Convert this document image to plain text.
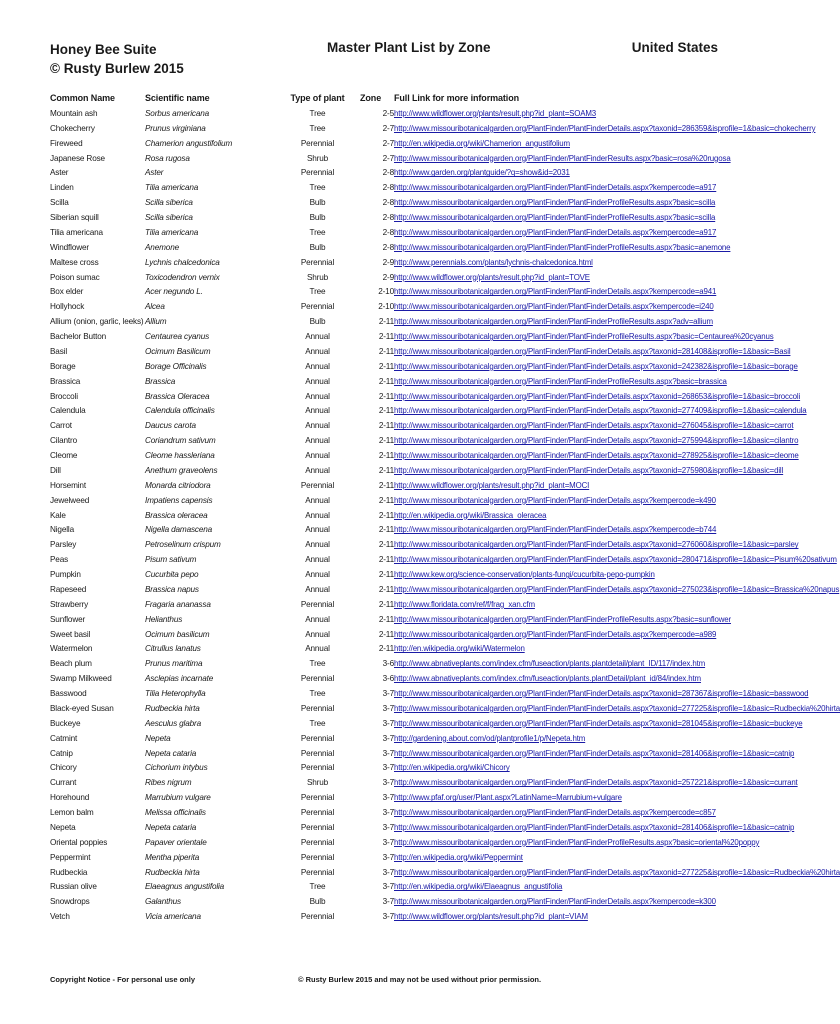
Honey Bee Suite
© Rusty Burlew 2015
Master Plant List by Zone	United States
Common Name	Scientific name	Type of plant	Zone	Full Link for more information
Mountain ash	Sorbus americana	Tree	2-5	http://www.wildflower.org/plants/result.php?id_plant=SOAM3
Chokecherry	Prunus virginiana	Tree	2-7	http://www.missouribotanicalgarden.org/PlantFinder/PlantFinderDetails.aspx?taxonid=286359&isprofile=1&basic=chokecherry
Fireweed	Chamerion angustifolium	Perennial	2-7	http://en.wikipedia.org/wiki/Chamerion_angustifolium
Japanese Rose	Rosa rugosa	Shrub	2-7	http://www.missouribotanicalgarden.org/PlantFinder/PlantFinderResults.aspx?basic=rosa%20rugosa
Aster	Aster	Perennial	2-8	http://www.garden.org/plantguide/?q=show&id=2031
Linden	Tilia americana	Tree	2-8	http://www.missouribotanicalgarden.org/PlantFinder/PlantFinderDetails.aspx?kempercode=a917
Scilla	Scilla siberica	Bulb	2-8	http://www.missouribotanicalgarden.org/PlantFinder/PlantFinderProfileResults.aspx?basic=scilla
Siberian squill	Scilla siberica	Bulb	2-8	http://www.missouribotanicalgarden.org/PlantFinder/PlantFinderProfileResults.aspx?basic=scilla
Tilia americana	Tilia americana	Tree	2-8	http://www.missouribotanicalgarden.org/PlantFinder/PlantFinderDetails.aspx?kempercode=a917
Windflower	Anemone	Bulb	2-8	http://www.missouribotanicalgarden.org/PlantFinder/PlantFinderProfileResults.aspx?basic=anemone
Maltese cross	Lychnis chalcedonica	Perennial	2-9	http://www.perennials.com/plants/lychnis-chalcedonica.html
Poison sumac	Toxicodendron vernix	Shrub	2-9	http://www.wildflower.org/plants/result.php?id_plant=TOVE
Box elder	Acer negundo L.	Tree	2-10	http://www.missouribotanicalgarden.org/PlantFinder/PlantFinderDetails.aspx?kempercode=a941
Hollyhock	Alcea	Perennial	2-10	http://www.missouribotanicalgarden.org/PlantFinder/PlantFinderDetails.aspx?kempercode=i240
Allium (onion, garlic, leeks)	Allium	Bulb	2-11	http://www.missouribotanicalgarden.org/PlantFinder/PlantFinderProfileResults.aspx?adv=allium
Bachelor Button	Centaurea cyanus	Annual	2-11	http://www.missouribotanicalgarden.org/PlantFinder/PlantFinderProfileResults.aspx?basic=Centaurea%20cyanus
Basil	Ocimum Basilicum	Annual	2-11	http://www.missouribotanicalgarden.org/PlantFinder/PlantFinderDetails.aspx?taxonid=281408&isprofile=1&basic=Basil
Borage	Borage Officinalis	Annual	2-11	http://www.missouribotanicalgarden.org/PlantFinder/PlantFinderDetails.aspx?taxonid=242382&isprofile=1&basic=borage
Brassica	Brassica	Annual	2-11	http://www.missouribotanicalgarden.org/PlantFinder/PlantFinderProfileResults.aspx?basic=brassica
Broccoli	Brassica Oleracea	Annual	2-11	http://www.missouribotanicalgarden.org/PlantFinder/PlantFinderDetails.aspx?taxonid=268653&isprofile=1&basic=broccoli
Calendula	Calendula officinalis	Annual	2-11	http://www.missouribotanicalgarden.org/PlantFinder/PlantFinderDetails.aspx?taxonid=277409&isprofile=1&basic=calendula
Carrot	Daucus carota	Annual	2-11	http://www.missouribotanicalgarden.org/PlantFinder/PlantFinderDetails.aspx?taxonid=276045&isprofile=1&basic=carrot
Cilantro	Coriandrum sativum	Annual	2-11	http://www.missouribotanicalgarden.org/PlantFinder/PlantFinderDetails.aspx?taxonid=275994&isprofile=1&basic=cilantro
Cleome	Cleome hassleriana	Annual	2-11	http://www.missouribotanicalgarden.org/PlantFinder/PlantFinderDetails.aspx?taxonid=278925&isprofile=1&basic=cleome
Dill	Anethum graveolens	Annual	2-11	http://www.missouribotanicalgarden.org/PlantFinder/PlantFinderDetails.aspx?taxonid=275980&isprofile=1&basic=dill
Horsemint	Monarda citriodora	Perennial	2-11	http://www.wildflower.org/plants/result.php?id_plant=MOCI
Jewelweed	Impatiens capensis	Annual	2-11	http://www.missouribotanicalgarden.org/PlantFinder/PlantFinderDetails.aspx?kempercode=k490
Kale	Brassica oleracea	Annual	2-11	http://en.wikipedia.org/wiki/Brassica_oleracea
Nigella	Nigella damascena	Annual	2-11	http://www.missouribotanicalgarden.org/PlantFinder/PlantFinderDetails.aspx?kempercode=b744
Parsley	Petroselinum crispum	Annual	2-11	http://www.missouribotanicalgarden.org/PlantFinder/PlantFinderDetails.aspx?taxonid=276060&isprofile=1&basic=parsley
Peas	Pisum sativum	Annual	2-11	http://www.missouribotanicalgarden.org/PlantFinder/PlantFinderDetails.aspx?taxonid=280471&isprofile=1&basic=Pisum%20sativum
Pumpkin	Cucurbita pepo	Annual	2-11	http://www.kew.org/science-conservation/plants-fungi/cucurbita-pepo-pumpkin
Rapeseed	Brassica napus	Annual	2-11	http://www.missouribotanicalgarden.org/PlantFinder/PlantFinderDetails.aspx?taxonid=275023&isprofile=1&basic=Brassica%20napus
Strawberry	Fragaria ananassa	Perennial	2-11	http://www.floridata.com/ref/f/frag_xan.cfm
Sunflower	Helianthus	Annual	2-11	http://www.missouribotanicalgarden.org/PlantFinder/PlantFinderProfileResults.aspx?basic=sunflower
Sweet basil	Ocimum basilicum	Annual	2-11	http://www.missouribotanicalgarden.org/PlantFinder/PlantFinderDetails.aspx?kempercode=a989
Watermelon	Citrullus lanatus	Annual	2-11	http://en.wikipedia.org/wiki/Watermelon
Beach plum	Prunus maritima	Tree	3-6	http://www.abnativeplants.com/index.cfm/fuseaction/plants.plantdetail/plant_ID/117/index.htm
Swamp Milkweed	Asclepias incarnate	Perennial	3-6	http://www.abnativeplants.com/index.cfm/fuseaction/plants.plantDetail/plant_id/84/index.htm
Basswood	Tilia Heterophylla	Tree	3-7	http://www.missouribotanicalgarden.org/PlantFinder/PlantFinderDetails.aspx?taxonid=287367&isprofile=1&basic=basswood
Black-eyed Susan	Rudbeckia hirta	Perennial	3-7	http://www.missouribotanicalgarden.org/PlantFinder/PlantFinderDetails.aspx?taxonid=277225&isprofile=1&basic=Rudbeckia%20hirta
Buckeye	Aesculus glabra	Tree	3-7	http://www.missouribotanicalgarden.org/PlantFinder/PlantFinderDetails.aspx?taxonid=281045&isprofile=1&basic=buckeye
Catmint	Nepeta	Perennial	3-7	http://gardening.about.com/od/plantprofile1/p/Nepeta.htm
Catnip	Nepeta cataria	Perennial	3-7	http://www.missouribotanicalgarden.org/PlantFinder/PlantFinderDetails.aspx?taxonid=281406&isprofile=1&basic=catnip
Chicory	Cichorium intybus	Perennial	3-7	http://en.wikipedia.org/wiki/Chicory
Currant	Ribes nigrum	Shrub	3-7	http://www.missouribotanicalgarden.org/PlantFinder/PlantFinderDetails.aspx?taxonid=257221&isprofile=1&basic=currant
Horehound	Marrubium vulgare	Perennial	3-7	http://www.pfaf.org/user/Plant.aspx?LatinName=Marrubium+vulgare
Lemon balm	Melissa officinalis	Perennial	3-7	http://www.missouribotanicalgarden.org/PlantFinder/PlantFinderDetails.aspx?kempercode=c857
Nepeta	Nepeta cataria	Perennial	3-7	http://www.missouribotanicalgarden.org/PlantFinder/PlantFinderDetails.aspx?taxonid=281406&isprofile=1&basic=catnip
Oriental poppies	Papaver orientale	Perennial	3-7	http://www.missouribotanicalgarden.org/PlantFinder/PlantFinderProfileResults.aspx?basic=oriental%20poppy
Peppermint	Mentha piperita	Perennial	3-7	http://en.wikipedia.org/wiki/Peppermint
Rudbeckia	Rudbeckia hirta	Perennial	3-7	http://www.missouribotanicalgarden.org/PlantFinder/PlantFinderDetails.aspx?taxonid=277225&isprofile=1&basic=Rudbeckia%20hirta
Russian olive	Elaeagnus angustifolia	Tree	3-7	http://en.wikipedia.org/wiki/Elaeagnus_angustifolia
Snowdrops	Galanthus	Bulb	3-7	http://www.missouribotanicalgarden.org/PlantFinder/PlantFinderDetails.aspx?kempercode=k300
Vetch	Vicia americana	Perennial	3-7	http://www.wildflower.org/plants/result.php?id_plant=VIAM
Copyright Notice - For personal use only	© Rusty Burlew 2015 and may not be used without prior permission.
